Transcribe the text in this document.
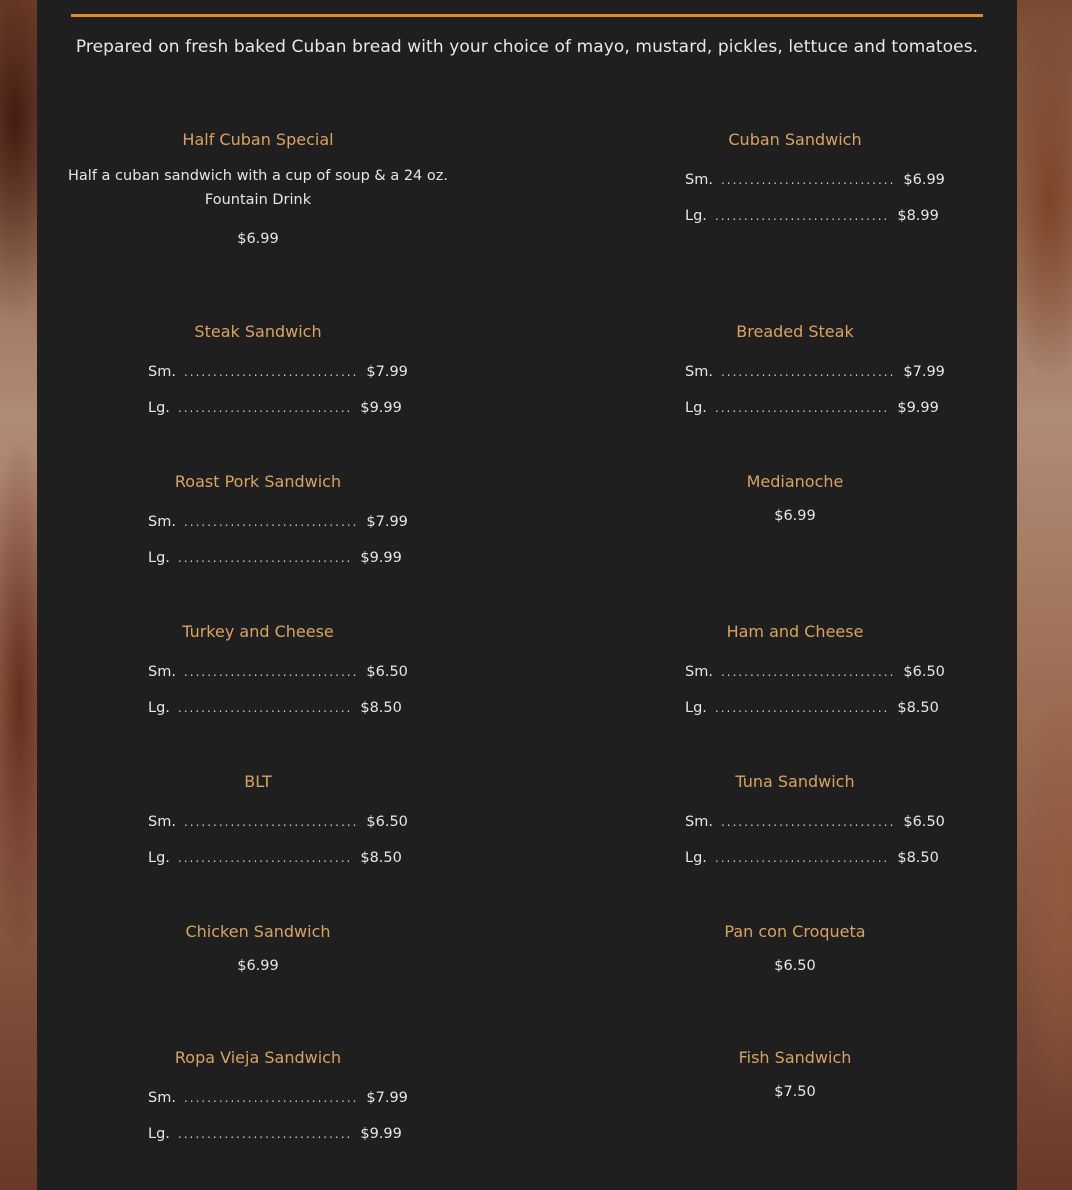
Prepared on fresh baked Cuban bread with your choice of mayo, mustard, pickles, lettuce and tomatoes.
Half Cuban Special
Half a cuban sandwich with a cup of soup & a 24 oz. Fountain Drink
$6.99
Steak Sandwich
Sm. .............................. $7.99
Lg. .............................. $9.99
Roast Pork Sandwich
Sm. .............................. $7.99
Lg. .............................. $9.99
Turkey and Cheese
Sm. .............................. $6.50
Lg. .............................. $8.50
BLT
Sm. .............................. $6.50
Lg. .............................. $8.50
Chicken Sandwich
$6.99
Ropa Vieja Sandwich
Sm. .............................. $7.99
Lg. .............................. $9.99
Cuban Sandwich
Sm. .............................. $6.99
Lg. .............................. $8.99
Breaded Steak
Sm. .............................. $7.99
Lg. .............................. $9.99
Medianoche
$6.99
Ham and Cheese
Sm. .............................. $6.50
Lg. .............................. $8.50
Tuna Sandwich
Sm. .............................. $6.50
Lg. .............................. $8.50
Pan con Croqueta
$6.50
Fish Sandwich
$7.50
